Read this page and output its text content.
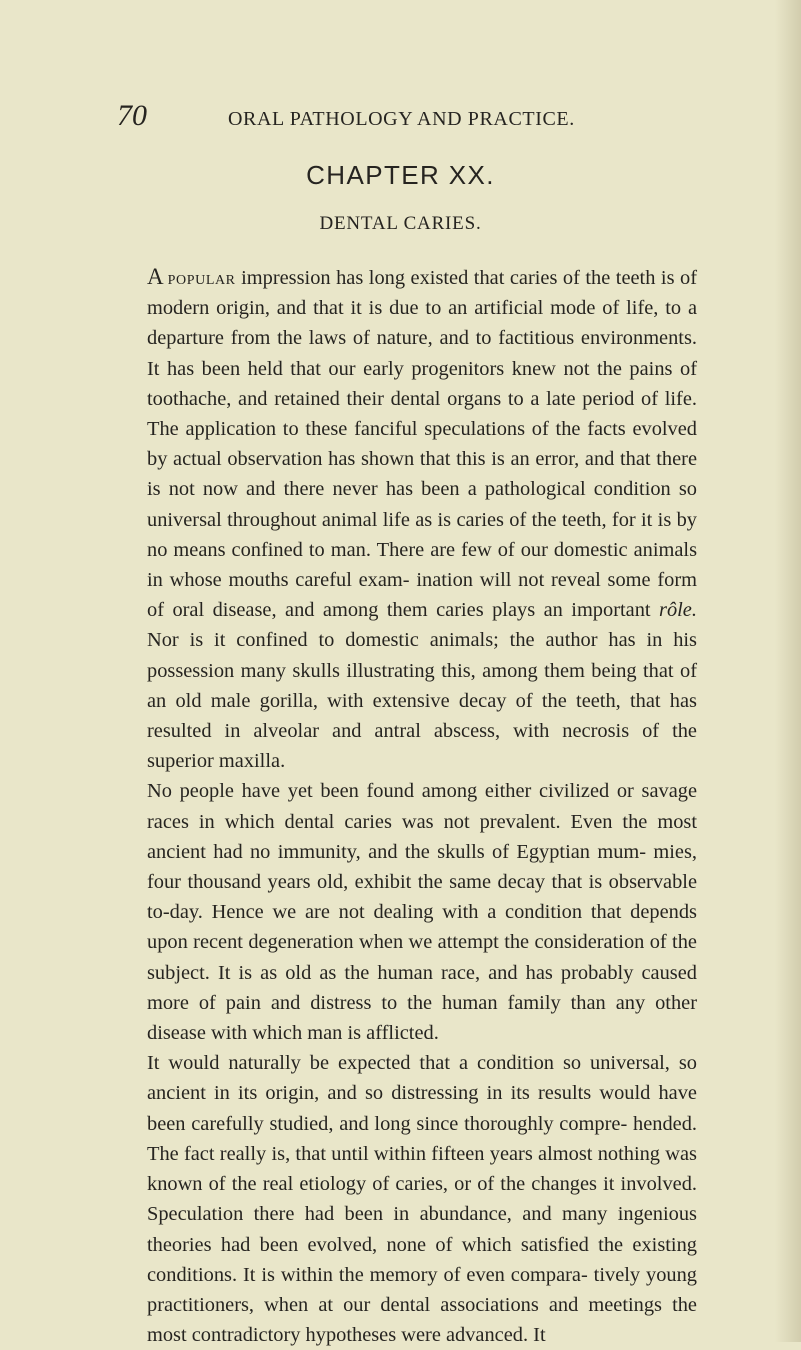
70	ORAL PATHOLOGY AND PRACTICE.
CHAPTER XX.
DENTAL CARIES.

A popular impression has long existed that caries of the teeth is of modern origin, and that it is due to an artificial mode of life, to a departure from the laws of nature, and to factitious environments. It has been held that our early progenitors knew not the pains of toothache, and retained their dental organs to a late period of life. The application to these fanciful speculations of the facts evolved by actual observation has shown that this is an error, and that there is not now and there never has been a pathological condition so universal throughout animal life as is caries of the teeth, for it is by no means confined to man. There are few of our domestic animals in whose mouths careful exam- ination will not reveal some form of oral disease, and among them caries plays an important rôle. Nor is it confined to domestic animals; the author has in his possession many skulls illustrating this, among them being that of an old male gorilla, with extensive decay of the teeth, that has resulted in alveolar and antral abscess, with necrosis of the superior maxilla.

No people have yet been found among either civilized or savage races in which dental caries was not prevalent. Even the most ancient had no immunity, and the skulls of Egyptian mum- mies, four thousand years old, exhibit the same decay that is observable to-day. Hence we are not dealing with a condition that depends upon recent degeneration when we attempt the consideration of the subject. It is as old as the human race, and has probably caused more of pain and distress to the human family than any other disease with which man is afflicted.

It would naturally be expected that a condition so universal, so ancient in its origin, and so distressing in its results would have been carefully studied, and long since thoroughly compre- hended. The fact really is, that until within fifteen years almost nothing was known of the real etiology of caries, or of the changes it involved. Speculation there had been in abundance, and many ingenious theories had been evolved, none of which satisfied the existing conditions. It is within the memory of even compara- tively young practitioners, when at our dental associations and meetings the most contradictory hypotheses were advanced. It
